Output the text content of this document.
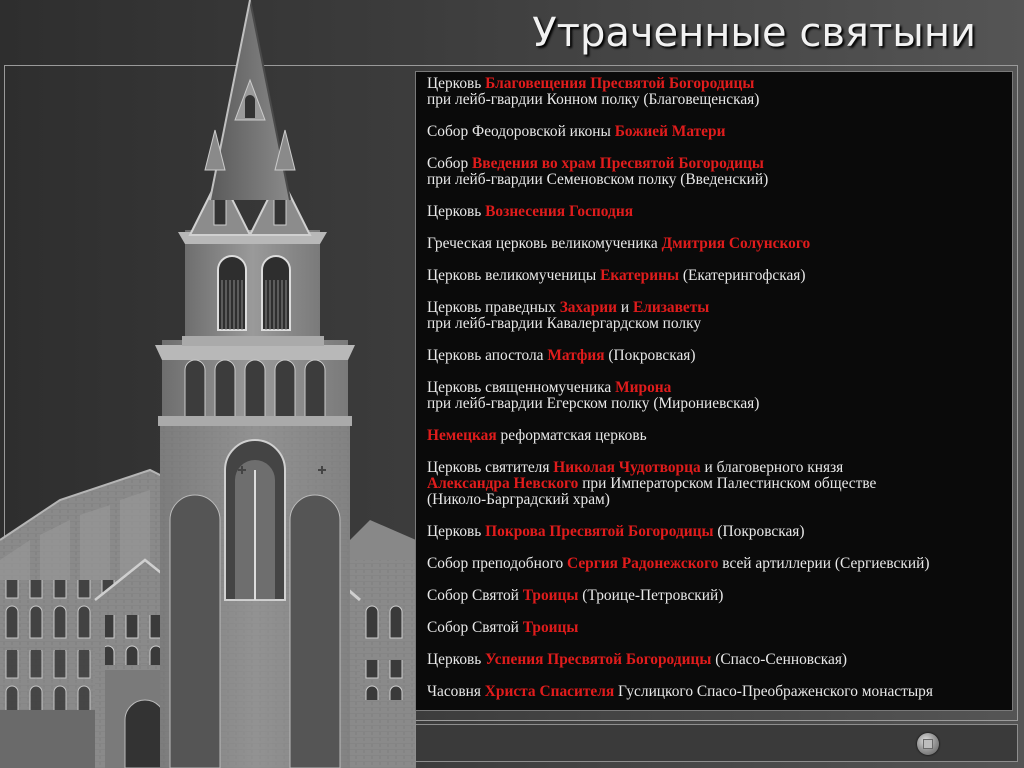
Утраченные святыни
Церковь Благовещения Пресвятой Богородицы
при лейб-гвардии Конном полку (Благовещенская)
Собор Феодоровской иконы Божией Матери
Собор Введения во храм Пресвятой Богородицы
при лейб-гвардии Семеновском полку (Введенский)
Церковь Вознесения Господня
Греческая церковь великомученика Дмитрия Солунского
Церковь великомученицы Екатерины (Екатерингофская)
Церковь праведных Захарии и Елизаветы
при лейб-гвардии Кавалергардском полку
Церковь апостола Матфия (Покровская)
Церковь священномученика Мирона
при лейб-гвардии Егерском полку (Мирониевская)
Немецкая реформатская церковь
Церковь святителя Николая Чудотворца и благоверного князя
Александра Невского при Императорском Палестинском обществе
(Николо-Барградский храм)
Церковь Покрова Пресвятой Богородицы (Покровская)
Собор преподобного Сергия Радонежского всей артиллерии (Сергиевский)
Собор Святой Троицы (Троице-Петровский)
Собор Святой Троицы
Церковь Успения Пресвятой Богородицы (Спасо-Сенновская)
Часовня Христа Спасителя Гуслицкого Спасо-Преображенского монастыря
